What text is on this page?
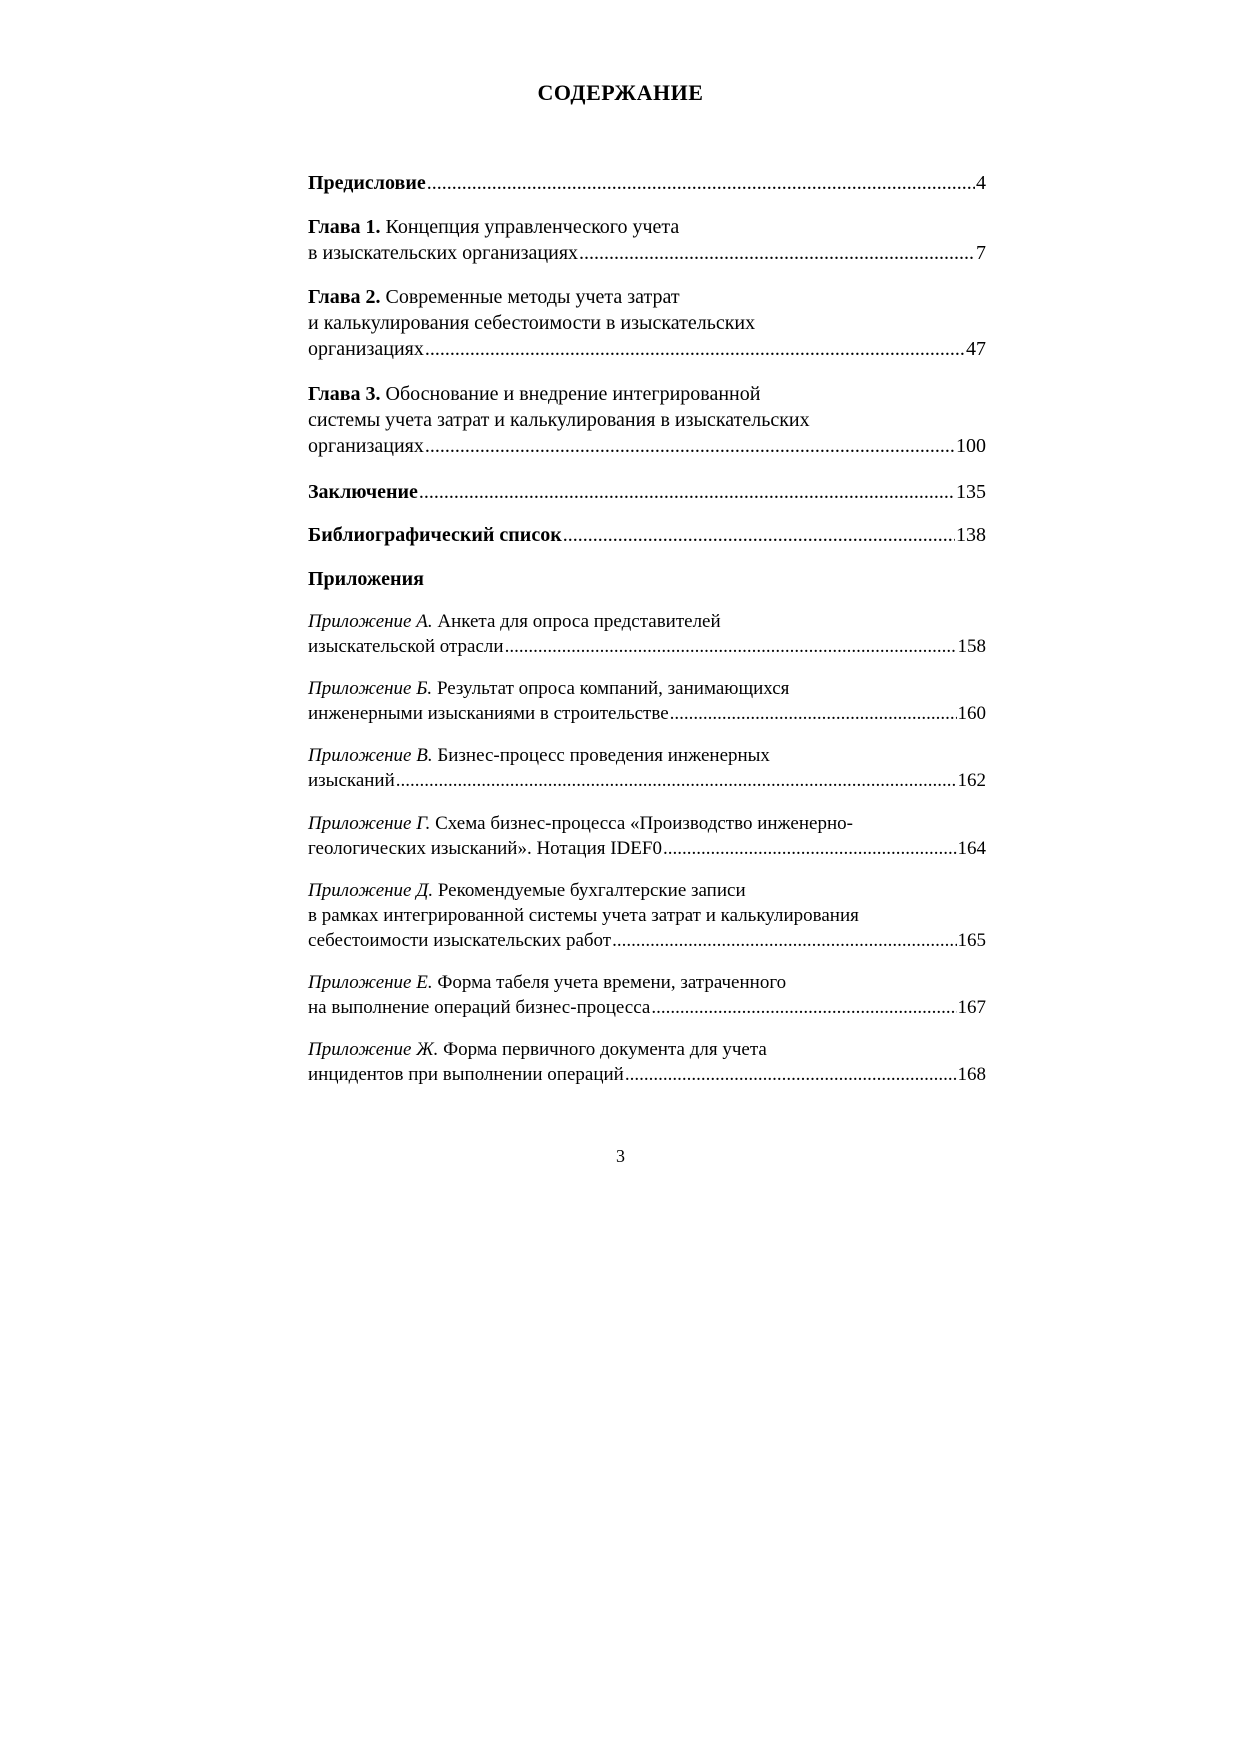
СОДЕРЖАНИЕ
Предисловие .....	4
Глава 1. Концепция управленческого учета
в изыскательских организациях .....	7
Глава 2. Современные методы учета затрат
и калькулирования себестоимости в изыскательских
организациях .....	47
Глава 3. Обоснование и внедрение интегрированной
системы учета затрат и калькулирования в изыскательских
организациях .....	100
Заключение .....	135
Библиографический список .....	138
Приложения
Приложение А. Анкета для опроса представителей
изыскательской отрасли .....	158
Приложение Б. Результат опроса компаний, занимающихся
инженерными изысканиями в строительстве .....	160
Приложение В. Бизнес-процесс проведения инженерных
изысканий .....	162
Приложение Г. Схема бизнес-процесса «Производство инженерно-
геологических изысканий». Нотация IDEF0 .....	164
Приложение Д. Рекомендуемые бухгалтерские записи
в рамках интегрированной системы учета затрат и калькулирования
себестоимости изыскательских работ .....	165
Приложение Е. Форма табеля учета времени, затраченного
на выполнение операций бизнес-процесса .....	167
Приложение Ж. Форма первичного документа для учета
инцидентов при выполнении операций .....	168
3
